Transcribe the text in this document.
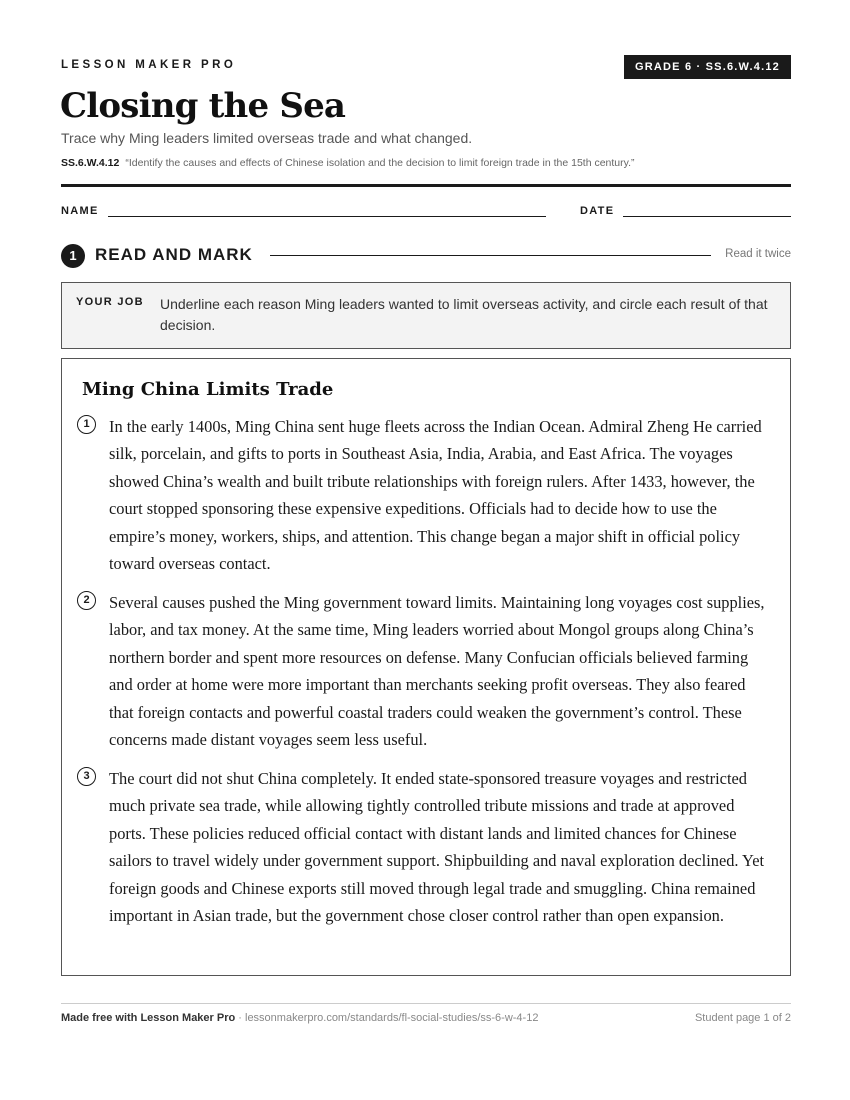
LESSON MAKER PRO	GRADE 6 · SS.6.W.4.12
Closing the Sea
Trace why Ming leaders limited overseas trade and what changed.
SS.6.W.4.12 “Identify the causes and effects of Chinese isolation and the decision to limit foreign trade in the 15th century.”
NAME	DATE
1	READ AND MARK	Read it twice
YOUR JOB Underline each reason Ming leaders wanted to limit overseas activity, and circle each result of that decision.
Ming China Limits Trade
1	In the early 1400s, Ming China sent huge fleets across the Indian Ocean. Admiral Zheng He carried silk, porcelain, and gifts to ports in Southeast Asia, India, Arabia, and East Africa. The voyages showed China’s wealth and built tribute relationships with foreign rulers. After 1433, however, the court stopped sponsoring these expensive expeditions. Officials had to decide how to use the empire’s money, workers, ships, and attention. This change began a major shift in official policy toward overseas contact.

2	Several causes pushed the Ming government toward limits. Maintaining long voyages cost supplies, labor, and tax money. At the same time, Ming leaders worried about Mongol groups along China’s northern border and spent more resources on defense. Many Confucian officials believed farming and order at home were more important than merchants seeking profit overseas. They also feared that foreign contacts and powerful coastal traders could weaken the government’s control. These concerns made distant voyages seem less useful.

3	The court did not shut China completely. It ended state-sponsored treasure voyages and restricted much private sea trade, while allowing tightly controlled tribute missions and trade at approved ports. These policies reduced official contact with distant lands and limited chances for Chinese sailors to travel widely under government support. Shipbuilding and naval exploration declined. Yet foreign goods and Chinese exports still moved through legal trade and smuggling. China remained important in Asian trade, but the government chose closer control rather than open expansion.

Made free with Lesson Maker Pro · lessonmakerpro.com/standards/fl-social-studies/ss-6-w-4-12	Student page 1 of 2
